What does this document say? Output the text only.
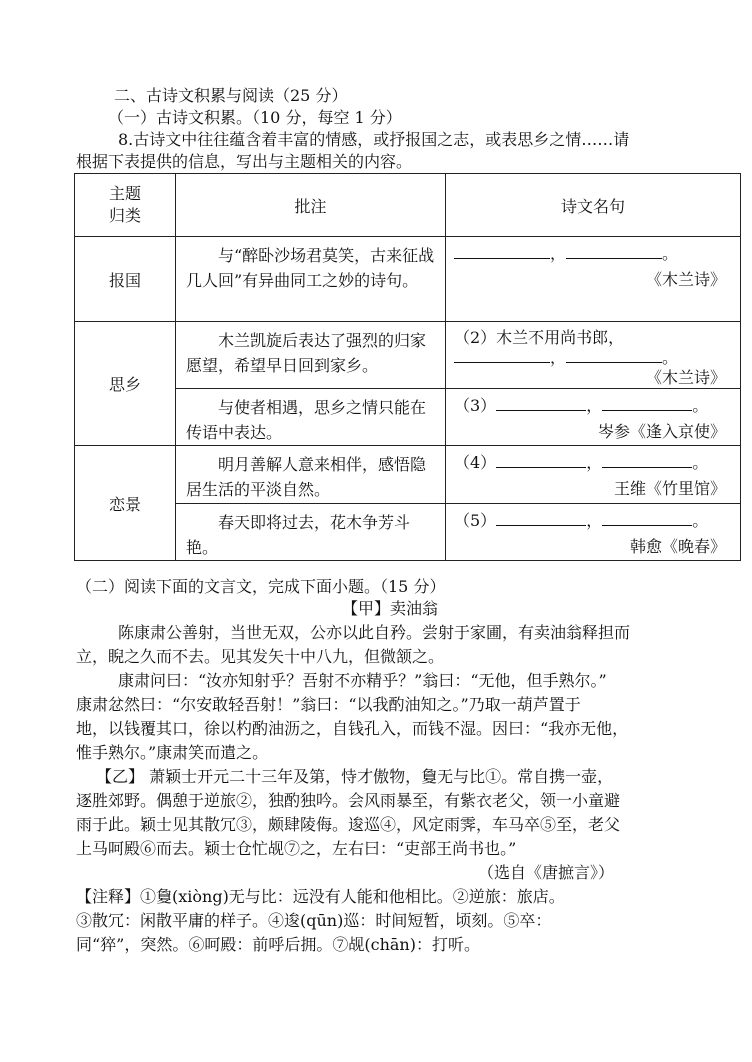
二、古诗文积累与阅读（25 分）
（一）古诗文积累。（10 分，每空 1 分）
8.古诗文中往往蕴含着丰富的情感，或抒报国之志，或表思乡之情……请
根据下表提供的信息，写出与主题相关的内容。
主题
归类	批注	诗文名句
报国	与“醉卧沙场君莫笑，古来征战几人回”有异曲同工之妙的诗句。	， 。
《木兰诗》

思乡	木兰凯旋后表达了强烈的归家愿望，希望早日回到家乡。	（2）木兰不用尚书郎，
， 。
《木兰诗》

	与使者相遇，思乡之情只能在传语中表达。	（3） ， 。
岑参《逢入京使》

恋景	明月善解人意来相伴，感悟隐居生活的平淡自然。	（4） ， 。
王维《竹里馆》

	春天即将过去，花木争芳斗艳。	（5） ， 。
韩愈《晚春》
（二）阅读下面的文言文，完成下面小题。（15 分）
【甲】卖油翁
陈康肃公善射，当世无双，公亦以此自矜。尝射于家圃，有卖油翁释担而
立，睨之久而不去。见其发矢十中八九，但微颔之。
康肃问曰：“汝亦知射乎？吾射不亦精乎？”翁曰：“无他，但手熟尔。”
康肃忿然曰：“尔安敢轻吾射！”翁曰：“以我酌油知之。”乃取一葫芦置于
地，以钱覆其口，徐以杓酌油沥之，自钱孔入，而钱不湿。因曰：“我亦无他，
惟手熟尔。”康肃笑而遣之。
【乙】 萧颖士开元二十三年及第，恃才傲物，敻无与比①。常自携一壶，
逐胜郊野。偶憩于逆旅②，独酌独吟。会风雨暴至，有紫衣老父，领一小童避
雨于此。颖士见其散冗③，颇肆陵侮。逡巡④，风定雨霁，车马卒⑤至，老父
上马呵殿⑥而去。颖士仓忙觇⑦之，左右曰：“吏部王尚书也。”
（选自《唐摭言》）
【注释】①敻(xiòng)无与比：远没有人能和他相比。②逆旅：旅店。
③散冗：闲散平庸的样子。④逡(qūn)巡：时间短暂，顷刻。⑤卒：
同“猝”，突然。⑥呵殿：前呼后拥。⑦觇(chān)：打听。
